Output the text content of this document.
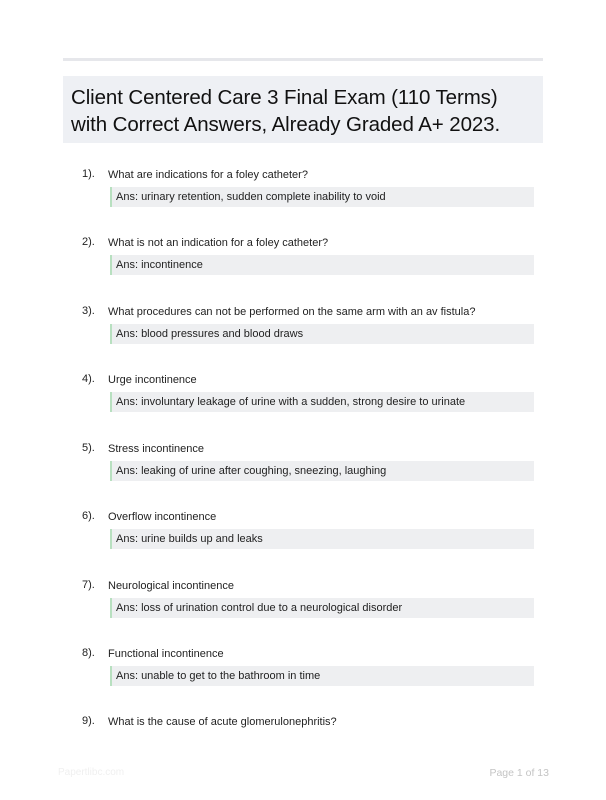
Client Centered Care 3 Final Exam (110 Terms) with Correct Answers, Already Graded A+ 2023.
1). What are indications for a foley catheter?
Ans: urinary retention, sudden complete inability to void
2). What is not an indication for a foley catheter?
Ans: incontinence
3). What procedures can not be performed on the same arm with an av fistula?
Ans: blood pressures and blood draws
4). Urge incontinence
Ans: involuntary leakage of urine with a sudden, strong desire to urinate
5). Stress incontinence
Ans: leaking of urine after coughing, sneezing, laughing
6). Overflow incontinence
Ans: urine builds up and leaks
7). Neurological incontinence
Ans: loss of urination control due to a neurological disorder
8). Functional incontinence
Ans: unable to get to the bathroom in time
9). What is the cause of acute glomerulonephritis?
Papertlibc.com	Page 1 of 13
